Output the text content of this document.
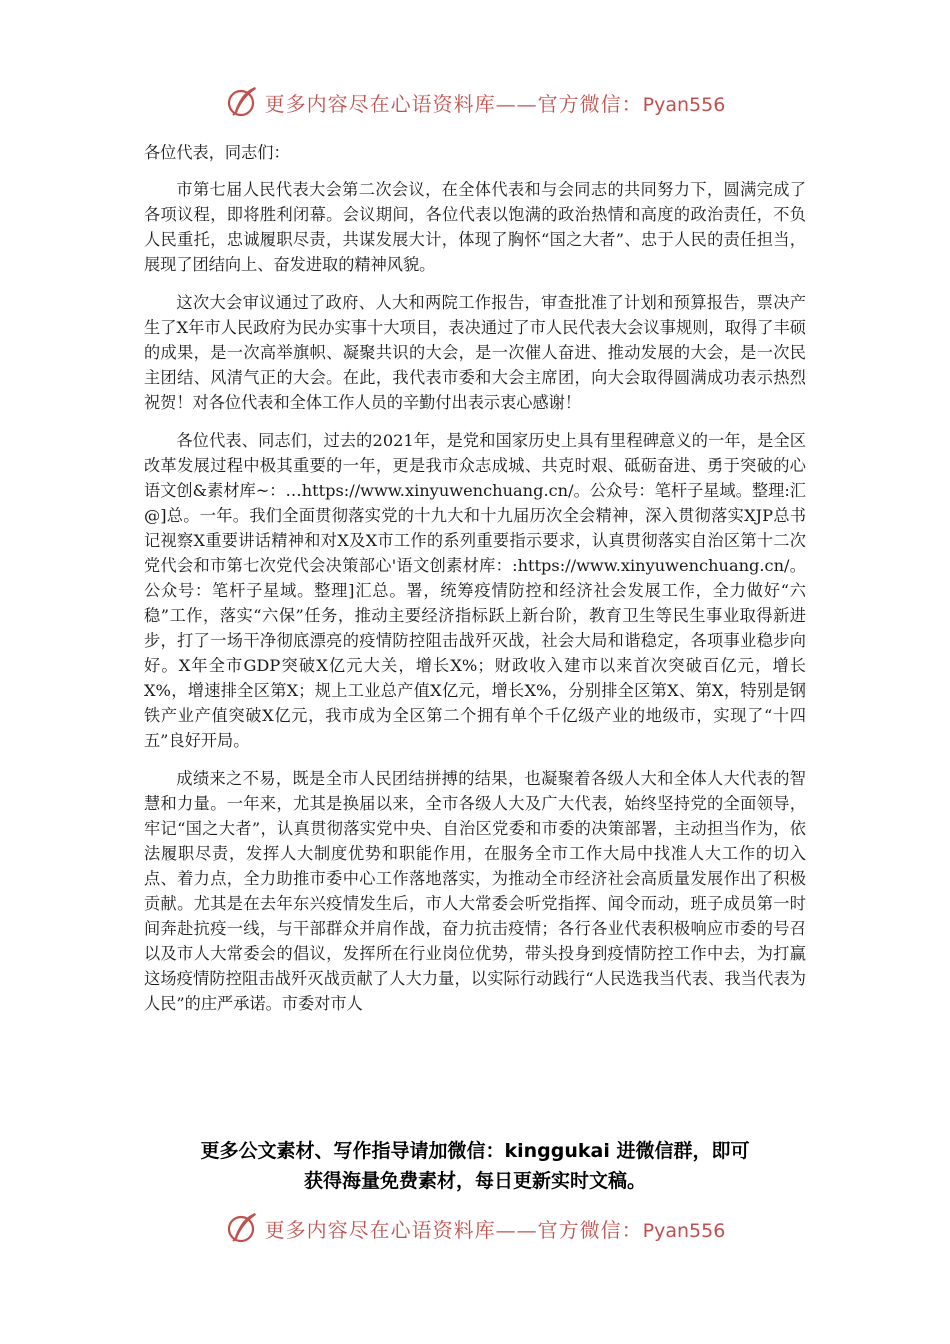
更多内容尽在心语资料库——官方微信：Pyan556

各位代表，同志们：

市第七届人民代表大会第二次会议，在全体代表和与会同志的共同努力下，圆满完成了各项议程，即将胜利闭幕。会议期间，各位代表以饱满的政治热情和高度的政治责任，不负人民重托，忠诚履职尽责，共谋发展大计，体现了胸怀“国之大者”、忠于人民的责任担当，展现了团结向上、奋发进取的精神风貌。

这次大会审议通过了政府、人大和两院工作报告，审查批准了计划和预算报告，票决产生了X年市人民政府为民办实事十大项目，表决通过了市人民代表大会议事规则，取得了丰硕的成果，是一次高举旗帜、凝聚共识的大会，是一次催人奋进、推动发展的大会，是一次民主团结、风清气正的大会。在此，我代表市委和大会主席团，向大会取得圆满成功表示热烈祝贺！对各位代表和全体工作人员的辛勤付出表示衷心感谢！

各位代表、同志们，过去的2021年，是党和国家历史上具有里程碑意义的一年，是全区改革发展过程中极其重要的一年，更是我市众志成城、共克时艰、砥砺奋进、勇于突破的心语文创&素材库~：…https://www.xinyuwenchuang.cn/。公众号：笔杆子星域。整理:汇@]总。一年。我们全面贯彻落实党的十九大和十九届历次全会精神，深入贯彻落实XJP总书记视察X重要讲话精神和对X及X市工作的系列重要指示要求，认真贯彻落实自治区第十二次党代会和市第七次党代会决策部心'语文创素材库：:https://www.xinyuwenchuang.cn/。公众号：笔杆子星域。整理]汇总。署，统筹疫情防控和经济社会发展工作，全力做好“六稳”工作，落实“六保”任务，推动主要经济指标跃上新台阶，教育卫生等民生事业取得新进步，打了一场干净彻底漂亮的疫情防控阻击战歼灭战，社会大局和谐稳定，各项事业稳步向好。X年全市GDP突破X亿元大关，增长X%；财政收入建市以来首次突破百亿元，增长X%，增速排全区第X；规上工业总产值X亿元，增长X%，分别排全区第X、第X，特别是钢铁产业产值突破X亿元，我市成为全区第二个拥有单个千亿级产业的地级市，实现了“十四五”良好开局。

成绩来之不易，既是全市人民团结拼搏的结果，也凝聚着各级人大和全体人大代表的智慧和力量。一年来，尤其是换届以来，全市各级人大及广大代表，始终坚持党的全面领导，牢记“国之大者”，认真贯彻落实党中央、自治区党委和市委的决策部署，主动担当作为，依法履职尽责，发挥人大制度优势和职能作用，在服务全市工作大局中找准人大工作的切入点、着力点，全力助推市委中心工作落地落实，为推动全市经济社会高质量发展作出了积极贡献。尤其是在去年东兴疫情发生后，市人大常委会听党指挥、闻令而动，班子成员第一时间奔赴抗疫一线，与干部群众并肩作战，奋力抗击疫情；各行各业代表积极响应市委的号召以及市人大常委会的倡议，发挥所在行业岗位优势，带头投身到疫情防控工作中去，为打赢这场疫情防控阻击战歼灭战贡献了人大力量，以实际行动践行“人民选我当代表、我当代表为人民”的庄严承诺。市委对市人

更多公文素材、写作指导请加微信：kinggukai 进微信群，即可
获得海量免费素材，每日更新实时文稿。
更多内容尽在心语资料库——官方微信：Pyan556
